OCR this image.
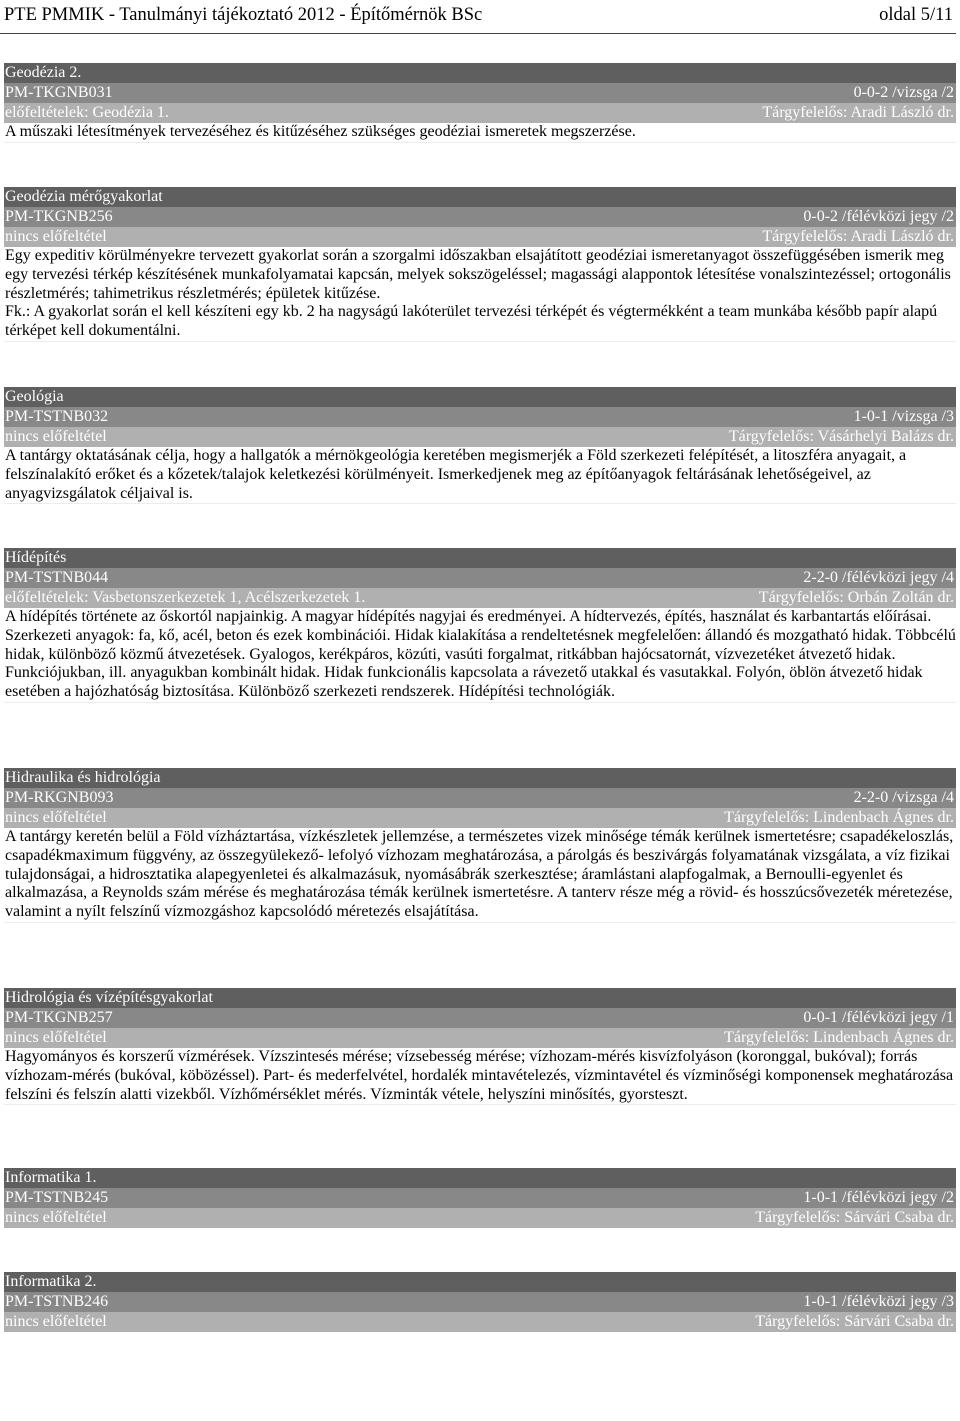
PTE PMMIK - Tanulmányi tájékoztató 2012 - Építőmérnök BSc	oldal 5/11
Geodézia 2.
PM-TKGNB031	0-0-2 /vizsga /2
előfeltételek: Geodézia 1.	Tárgyfelelős: Aradi László dr.

A műszaki létesítmények tervezéséhez és kitűzéséhez szükséges geodéziai ismeretek megszerzése.

Geodézia mérőgyakorlat
PM-TKGNB256	0-0-2 /félévközi jegy /2
nincs előfeltétel	Tárgyfelelős: Aradi László dr.

Egy expeditiv körülményekre tervezett gyakorlat során a szorgalmi időszakban elsajátított geodéziai ismeretanyagot összefüggésében ismerik meg egy tervezési térkép készítésének munkafolyamatai kapcsán, melyek sokszögeléssel; magassági alappontok létesítése vonalszintezéssel; ortogonális részletmérés; tahimetrikus részletmérés; épületek kitűzése.

Fk.: A gyakorlat során el kell készíteni egy kb. 2 ha nagyságú lakóterület tervezési térképét és végtermékként a team munkába később papír alapú térképet kell dokumentálni.

Geológia
PM-TSTNB032	1-0-1 /vizsga /3
nincs előfeltétel	Tárgyfelelős: Vásárhelyi Balázs dr.

A tantárgy oktatásának célja, hogy a hallgatók a mérnökgeológia keretében megismerjék a Föld szerkezeti felépítését, a litoszféra anyagait, a felszínalakító erőket és a kőzetek/talajok keletkezési körülményeit. Ismerkedjenek meg az építőanyagok feltárásának lehetőségeivel, az anyagvizsgálatok céljaival is.

Hídépítés
PM-TSTNB044	2-2-0 /félévközi jegy /4
előfeltételek: Vasbetonszerkezetek 1, Acélszerkezetek 1.	Tárgyfelelős: Orbán Zoltán dr.

A hídépítés története az őskortól napjainkig. A magyar hídépítés nagyjai és eredményei. A hídtervezés, építés, használat és karbantartás előírásai. Szerkezeti anyagok: fa, kő, acél, beton és ezek kombinációi. Hidak kialakítása a rendeltetésnek megfelelően: állandó és mozgatható hidak. Többcélú hidak, különböző közmű átvezetések. Gyalogos, kerékpáros, közúti, vasúti forgalmat, ritkábban hajócsatornát, vízvezetéket átvezető hidak. Funkciójukban, ill. anyagukban kombinált hidak. Hidak funkcionális kapcsolata a rávezető utakkal és vasutakkal. Folyón, öblön átvezető hidak esetében a hajózhatóság biztosítása. Különböző szerkezeti rendszerek. Hídépítési technológiák.

Hidraulika és hidrológia
PM-RKGNB093	2-2-0 /vizsga /4
nincs előfeltétel	Tárgyfelelős: Lindenbach Ágnes dr.

A tantárgy keretén belül a Föld vízháztartása, vízkészletek jellemzése, a természetes vizek minősége témák kerülnek ismertetésre; csapadékeloszlás, csapadékmaximum függvény, az összegyülekező- lefolyó vízhozam meghatározása, a párolgás és beszivárgás folyamatának vizsgálata, a víz fizikai tulajdonságai, a hidrosztatika alapegyenletei és alkalmazásuk, nyomásábrák szerkesztése; áramlástani alapfogalmak, a Bernoulli-egyenlet és alkalmazása, a Reynolds szám mérése és meghatározása témák kerülnek ismertetésre. A tanterv része még a rövid- és hosszúcsővezeték méretezése, valamint a nyílt felszínű vízmozgáshoz kapcsolódó méretezés elsajátítása.

Hidrológia és vízépítésgyakorlat
PM-TKGNB257	0-0-1 /félévközi jegy /1
nincs előfeltétel	Tárgyfelelős: Lindenbach Ágnes dr.

Hagyományos és korszerű vízmérések. Vízszintesés mérése; vízsebesség mérése; vízhozam-mérés kisvízfolyáson (koronggal, bukóval); forrás vízhozam-mérés (bukóval, köbözéssel). Part- és mederfelvétel, hordalék mintavételezés, vízmintavétel és vízminőségi komponensek meghatározása felszíni és felszín alatti vizekből. Vízhőmérséklet mérés. Vízminták vétele, helyszíni minősítés, gyorsteszt.

Informatika 1.
PM-TSTNB245	1-0-1 /félévközi jegy /2
nincs előfeltétel	Tárgyfelelős: Sárvári Csaba dr.
Informatika 2.
PM-TSTNB246	1-0-1 /félévközi jegy /3
nincs előfeltétel	Tárgyfelelős: Sárvári Csaba dr.
